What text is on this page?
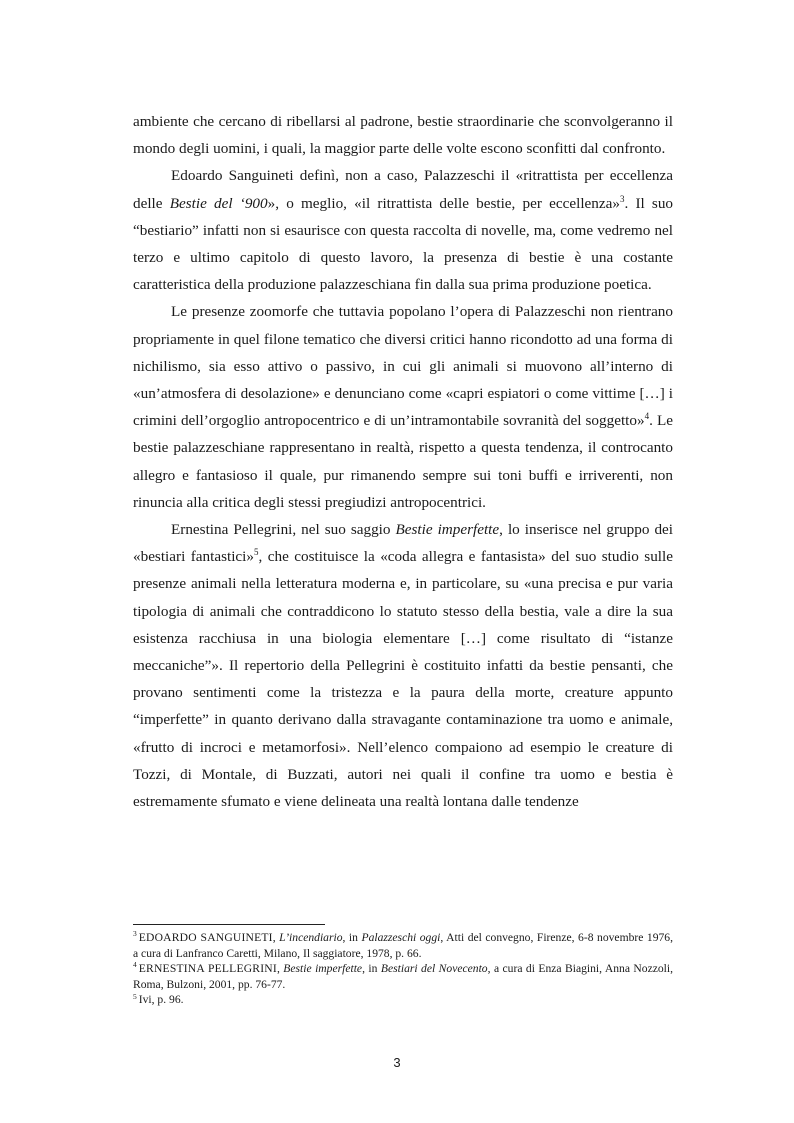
ambiente che cercano di ribellarsi al padrone, bestie straordinarie che sconvolgeranno il mondo degli uomini, i quali, la maggior parte delle volte escono sconfitti dal confronto.

Edoardo Sanguineti definì, non a caso, Palazzeschi il «ritrattista per eccellenza delle Bestie del ‘900», o meglio, «il ritrattista delle bestie, per eccellenza»$^3$. Il suo “bestiario” infatti non si esaurisce con questa raccolta di novelle, ma, come vedremo nel terzo e ultimo capitolo di questo lavoro, la presenza di bestie è una costante caratteristica della produzione palazzeschiana fin dalla sua prima produzione poetica.

Le presenze zoomorfe che tuttavia popolano l’opera di Palazzeschi non rientrano propriamente in quel filone tematico che diversi critici hanno ricondotto ad una forma di nichilismo, sia esso attivo o passivo, in cui gli animali si muovono all’interno di «un’atmosfera di desolazione» e denunciano come «capri espiatori o come vittime […] i crimini dell’orgoglio antropocentrico e di un’intramontabile sovranità del soggetto»$^4$. Le bestie palazzeschiane rappresentano in realtà, rispetto a questa tendenza, il controcanto allegro e fantasioso il quale, pur rimanendo sempre sui toni buffi e irriverenti, non rinuncia alla critica degli stessi pregiudizi antropocentrici.

Ernestina Pellegrini, nel suo saggio Bestie imperfette, lo inserisce nel gruppo dei «bestiari fantastici»$^5$, che costituisce la «coda allegra e fantasista» del suo studio sulle presenze animali nella letteratura moderna e, in particolare, su «una precisa e pur varia tipologia di animali che contraddicono lo statuto stesso della bestia, vale a dire la sua esistenza racchiusa in una biologia elementare […] come risultato di “istanze meccaniche”». Il repertorio della Pellegrini è costituito infatti da bestie pensanti, che provano sentimenti come la tristezza e la paura della morte, creature appunto “imperfette” in quanto derivano dalla stravagante contaminazione tra uomo e animale, «frutto di incroci e metamorfosi». Nell’elenco compaiono ad esempio le creature di Tozzi, di Montale, di Buzzati, autori nei quali il confine tra uomo e bestia è estremamente sfumato e viene delineata una realtà lontana dalle tendenze

$^3$ EDOARDO SANGUINETI, L’incendiario, in Palazzeschi oggi, Atti del convegno, Firenze, 6-8 novembre 1976, a cura di Lanfranco Caretti, Milano, Il saggiatore, 1978, p. 66.

$^4$ ERNESTINA PELLEGRINI, Bestie imperfette, in Bestiari del Novecento, a cura di Enza Biagini, Anna Nozzoli, Roma, Bulzoni, 2001, pp. 76-77.

$^5$ Ivi, p. 96.

3
